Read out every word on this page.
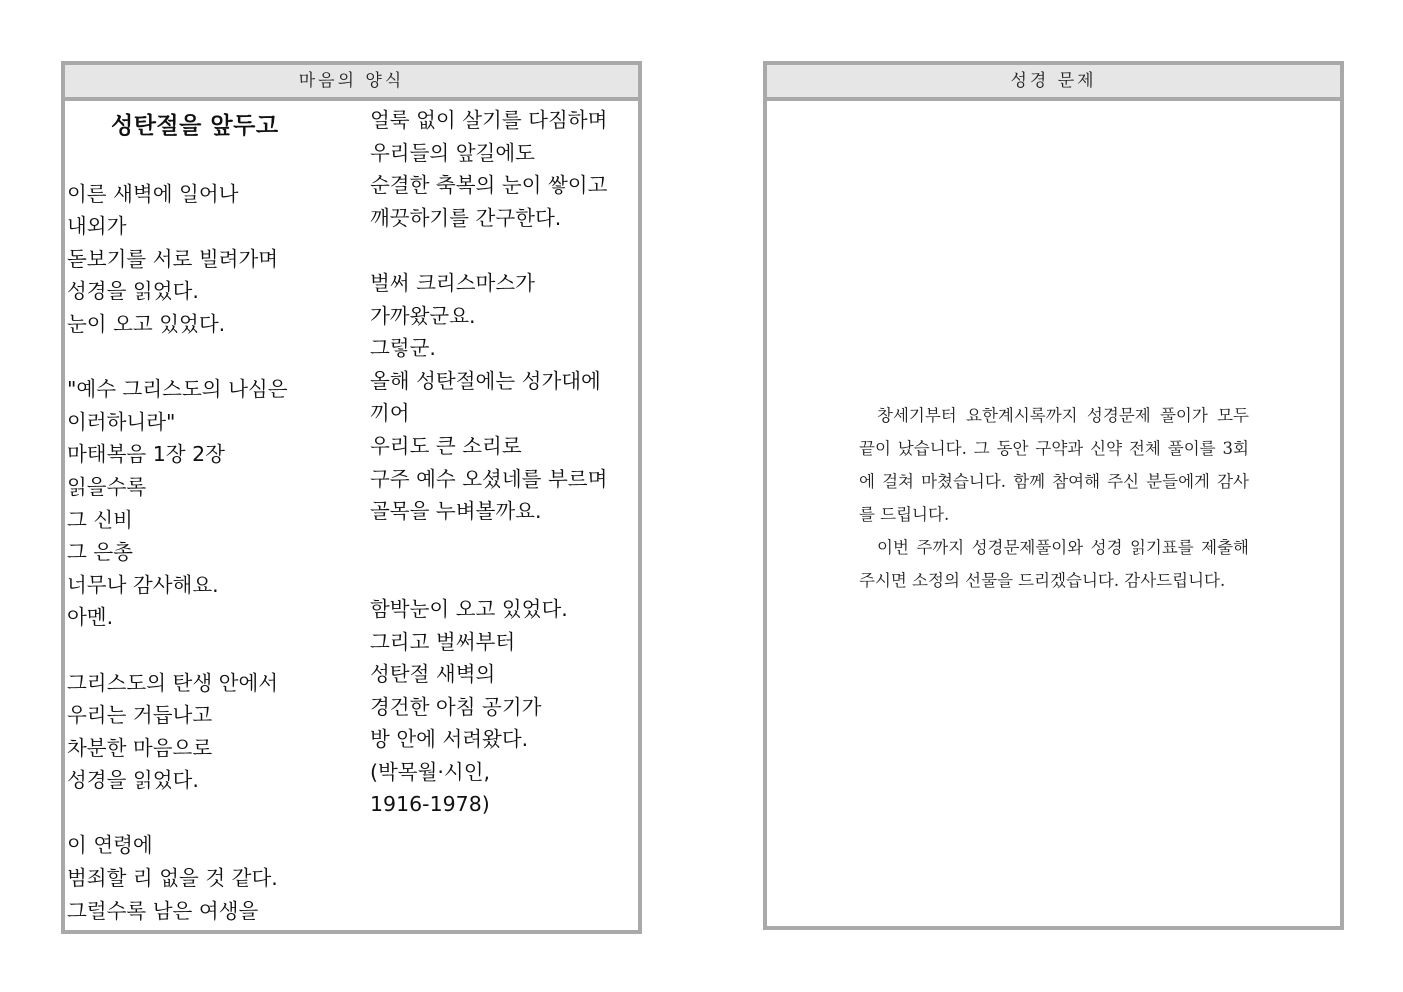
마음의 양식
성탄절을 앞두고
이른 새벽에 일어나
내외가
돋보기를 서로 빌려가며
성경을 읽었다.
눈이 오고 있었다.
"예수 그리스도의 나심은
이러하니라"
마태복음 1장 2장
읽을수록
그 신비
그 은총
너무나 감사해요.
아멘.
그리스도의 탄생 안에서
우리는 거듭나고
차분한 마음으로
성경을 읽었다.
이 연령에
범죄할 리 없을 것 같다.
그럴수록 남은 여생을
얼룩 없이 살기를 다짐하며
우리들의 앞길에도
순결한 축복의 눈이 쌓이고
깨끗하기를 간구한다.
벌써 크리스마스가
가까왔군요.
그렇군.
올해 성탄절에는 성가대에
끼어
우리도 큰 소리로
구주 예수 오셨네를 부르며
골목을 누벼볼까요.
함박눈이 오고 있었다.
그리고 벌써부터
성탄절 새벽의
경건한 아침 공기가
방 안에 서려왔다.
(박목월·시인,
1916-1978)
성경 문제

창세기부터 요한계시록까지 성경문제 풀이가 모두 끝이 났습니다. 그 동안 구약과 신약 전체 풀이를 3회에 걸쳐 마쳤습니다. 함께 참여해 주신 분들에게 감사를 드립니다.

이번 주까지 성경문제풀이와 성경 읽기표를 제출해 주시면 소정의 선물을 드리겠습니다. 감사드립니다.
